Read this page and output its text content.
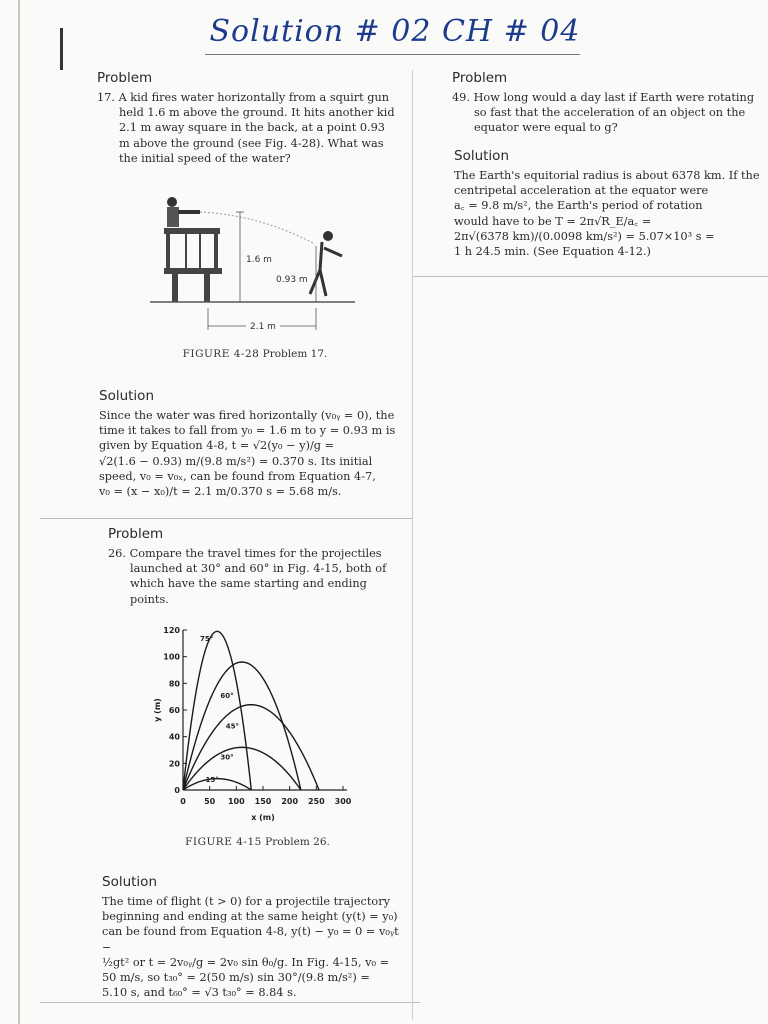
Solution # 02 CH # 04
Problem
17. A kid fires water horizontally from a squirt gun held 1.6 m above the ground. It hits another kid 2.1 m away square in the back, at a point 0.93 m above the ground (see Fig. 4-28). What was the initial speed of the water?
1.6 m
0.93 m
2.1 m
FIGURE 4-28 Problem 17.
Solution
Since the water was fired horizontally (v₀ᵧ = 0), the
time it takes to fall from y₀ = 1.6 m to y = 0.93 m is
given by Equation 4-8, t = √2(y₀ − y)/g =
√2(1.6 − 0.93) m/(9.8 m/s²) = 0.370 s. Its initial
speed, v₀ = v₀ₓ, can be found from Equation 4-7,
v₀ = (x − x₀)/t = 2.1 m/0.370 s = 5.68 m/s.
Problem
26. Compare the travel times for the projectiles launched at 30° and 60° in Fig. 4-15, both of which have the same starting and ending points.
0 50 100 150 200 250 300
0
20
40
60
80
100
120
x (m)
y (m)
15°
30°
45°
60°
75°
FIGURE 4-15 Problem 26.
Solution
The time of flight (t > 0) for a projectile trajectory
beginning and ending at the same height (y(t) = y₀)
can be found from Equation 4-8, y(t) − y₀ = 0 = v₀ᵧt −
½gt² or t = 2v₀ᵧ/g = 2v₀ sin θ₀/g. In Fig. 4-15, v₀ =
50 m/s, so t₃₀° = 2(50 m/s) sin 30°/(9.8 m/s²) =
5.10 s, and t₆₀° = √3 t₃₀° = 8.84 s.
Problem
49. How long would a day last if Earth were rotating so fast that the acceleration of an object on the equator were equal to g?
Solution
The Earth's equitorial radius is about 6378 km. If the
centripetal acceleration at the equator were
a꜀ = 9.8 m/s², the Earth's period of rotation
would have to be T = 2π√R_E/a꜀ =
2π√(6378 km)/(0.0098 km/s²) = 5.07×10³ s =
1 h 24.5 min. (See Equation 4-12.)
